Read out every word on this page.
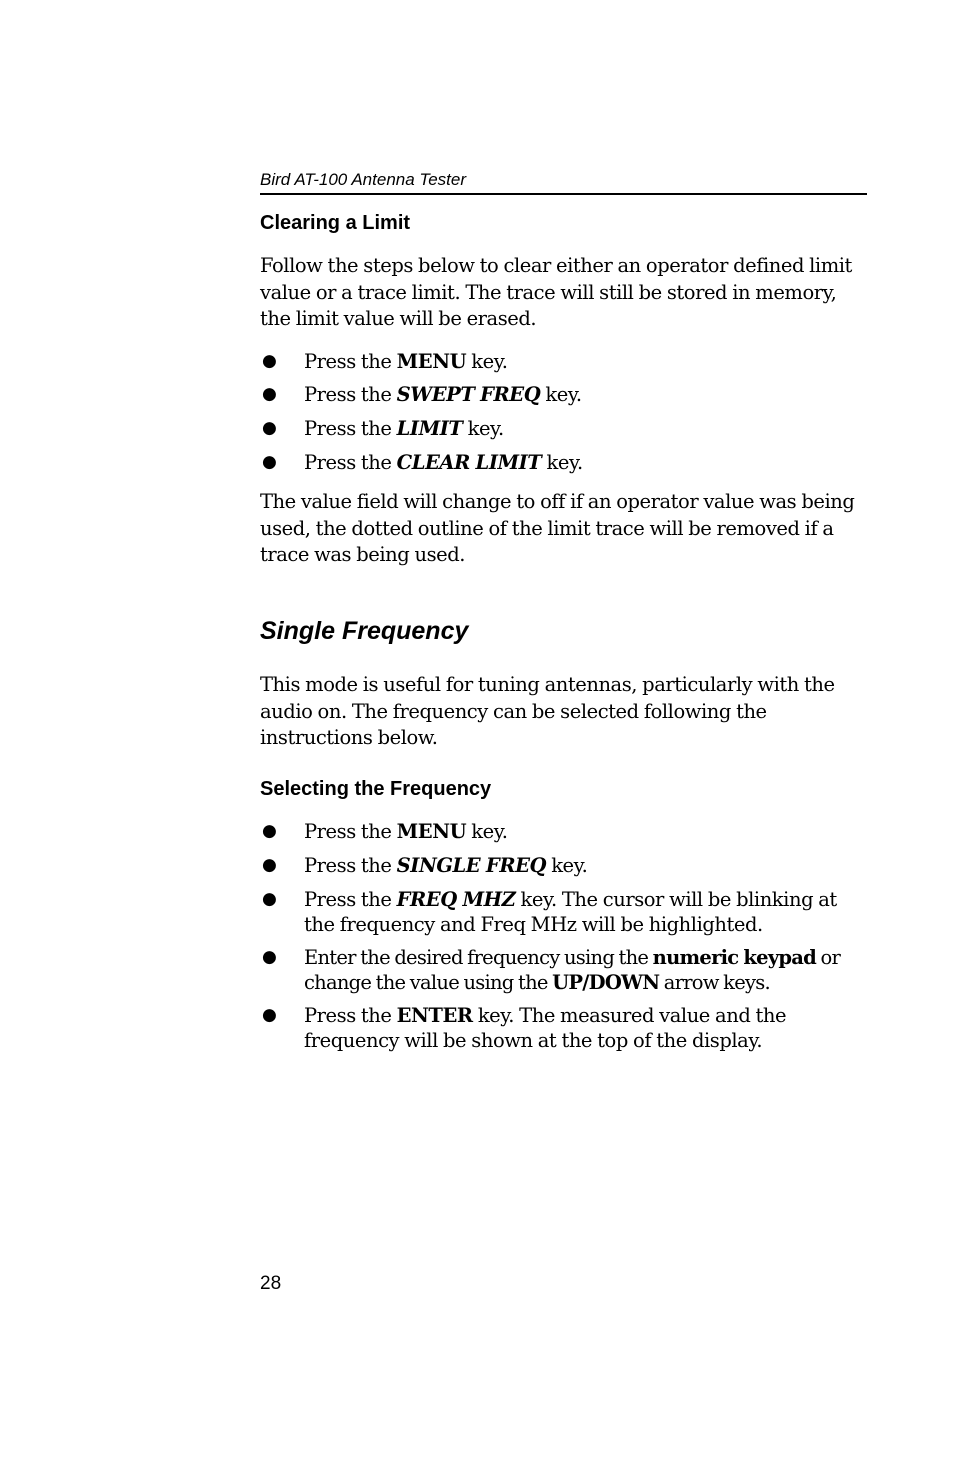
Bird AT-100 Antenna Tester
Clearing a Limit

Follow the steps below to clear either an operator defined limit value or a trace limit. The trace will still be stored in memory, the limit value will be erased.

● Press the MENU key.
● Press the SWEPT FREQ key.
● Press the LIMIT key.
● Press the CLEAR LIMIT key.

The value field will change to off if an operator value was being used, the dotted outline of the limit trace will be removed if a trace was being used.

Single Frequency

This mode is useful for tuning antennas, particularly with the audio on. The frequency can be selected following the instructions below.

Selecting the Frequency
● Press the MENU key.
● Press the SINGLE FREQ key.
● Press the FREQ MHZ key. The cursor will be blinking at the frequency and Freq MHz will be highlighted.
● Enter the desired frequency using the numeric keypad or change the value using the UP/DOWN arrow keys.
● Press the ENTER key. The measured value and the frequency will be shown at the top of the display.
28
